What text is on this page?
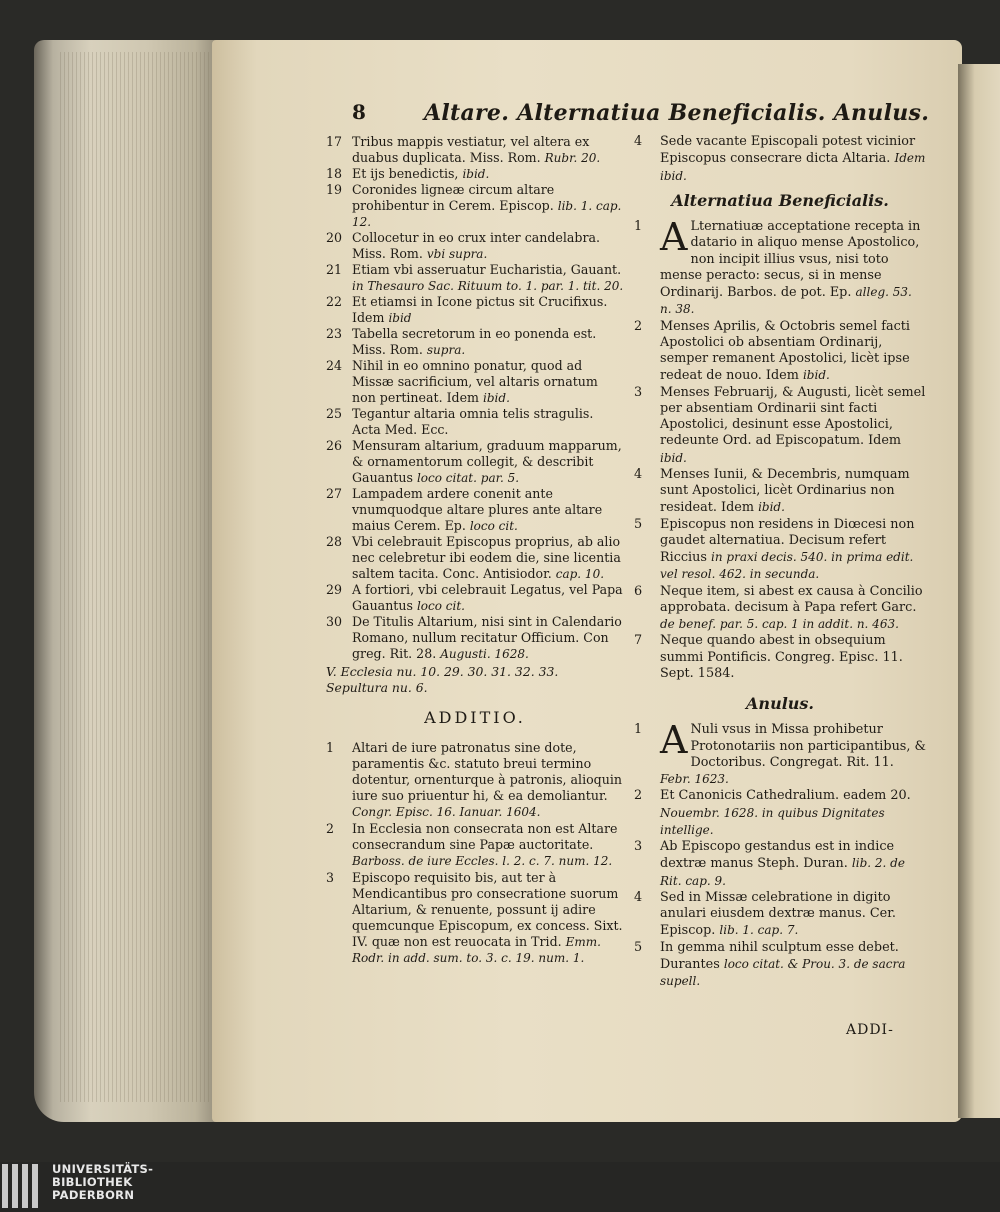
8	Altare. Alternatiua Beneficialis. Anulus.
17 Tribus mappis vestiatur, vel altera ex duabus duplicata. Miss. Rom. Rubr. 20.
18 Et ijs benedictis, ibid.
19 Coronides ligneæ circum altare prohibentur in Cerem. Episcop. lib. 1. cap. 12.
20 Collocetur in eo crux inter candelabra. Miss. Rom. vbi supra.
21 Etiam vbi asseruatur Eucharistia, Gauant. in Thesauro Sac. Rituum to. 1. par. 1. tit. 20.
22 Et etiamsi in Icone pictus sit Crucifixus. Idem ibid
23 Tabella secretorum in eo ponenda est. Miss. Rom. supra.
24 Nihil in eo omnino ponatur, quod ad Missæ sacrificium, vel altaris ornatum non pertineat. Idem ibid.
25 Tegantur altaria omnia telis stragulis. Acta Med. Ecc.
26 Mensuram altarium, graduum mapparum, & ornamentorum collegit, & describit Gauantus loco citat. par. 5.
27 Lampadem ardere conenit ante vnumquodque altare plures ante altare maius Cerem. Ep. loco cit.
28 Vbi celebrauit Episcopus proprius, ab alio nec celebretur ibi eodem die, sine licentia saltem tacita. Conc. Antisiodor. cap. 10.
29 A fortiori, vbi celebrauit Legatus, vel Papa Gauantus loco cit.
30 De Titulis Altarium, nisi sint in Calendario Romano, nullum recitatur Officium. Con greg. Rit. 28. Augusti. 1628.
V. Ecclesia nu. 10. 29. 30. 31. 32. 33. Sepultura nu. 6.
ADDITIO.
1	Altari de iure patronatus sine dote, paramentis &c. statuto breui termino dotentur, ornenturque à patronis, alioquin iure suo priuentur hi, & ea demoliantur. Congr. Episc. 16. Ianuar. 1604.
2	In Ecclesia non consecrata non est Altare consecrandum sine Papæ auctoritate. Barboss. de iure Eccles. l. 2. c. 7. num. 12.
3	Episcopo requisito bis, aut ter à Mendicantibus pro consecratione suorum Altarium, & renuente, possunt ij adire quemcunque Episcopum, ex concess. Sixt. IV. quæ non est reuocata in Trid. Emm. Rodr. in add. sum. to. 3. c. 19. num. 1.
4	Sede vacante Episcopali potest vicinior Episcopus consecrare dicta Altaria. Idem ibid.
Alternatiua Beneficialis.
1 A Lternatiuæ acceptatione recepta in datario in aliquo mense Apostolico, non incipit illius vsus, nisi toto mense peracto: secus, si in mense Ordinarij. Barbos. de pot. Ep. alleg. 53. n. 38.
2	Menses Aprilis, & Octobris semel facti Apostolici ob absentiam Ordinarij, semper remanent Apostolici, licèt ipse redeat de nouo. Idem ibid.
3	Menses Februarij, & Augusti, licèt semel per absentiam Ordinarii sint facti Apostolici, desinunt esse Apostolici, redeunte Ord. ad Episcopatum. Idem ibid.
4	Menses Iunii, & Decembris, numquam sunt Apostolici, licèt Ordinarius non resideat. Idem ibid.
5	Episcopus non residens in Diœcesi non gaudet alternatiua. Decisum refert Riccius in praxi decis. 540. in prima edit. vel resol. 462. in secunda.
6	Neque item, si abest ex causa à Concilio approbata. decisum à Papa refert Garc. de benef. par. 5. cap. 1 in addit. n. 463.
7	Neque quando abest in obsequium summi Pontificis. Congreg. Episc. 11. Sept. 1584.
Anulus.
1 A Nuli vsus in Missa prohibetur Protonotariis non participantibus, & Doctoribus. Congregat. Rit. 11. Febr. 1623.
2	Et Canonicis Cathedralium. eadem 20. Nouembr. 1628. in quibus Dignitates intellige.
3	Ab Episcopo gestandus est in indice dextræ manus Steph. Duran. lib. 2. de Rit. cap. 9.
4	Sed in Missæ celebratione in digito anulari eiusdem dextræ manus. Cer. Episcop. lib. 1. cap. 7.
5	In gemma nihil sculptum esse debet. Durantes loco citat. & Prou. 3. de sacra supell.
ADDI-
UNIVERSITÄTS-
BIBLIOTHEK
PADERBORN
